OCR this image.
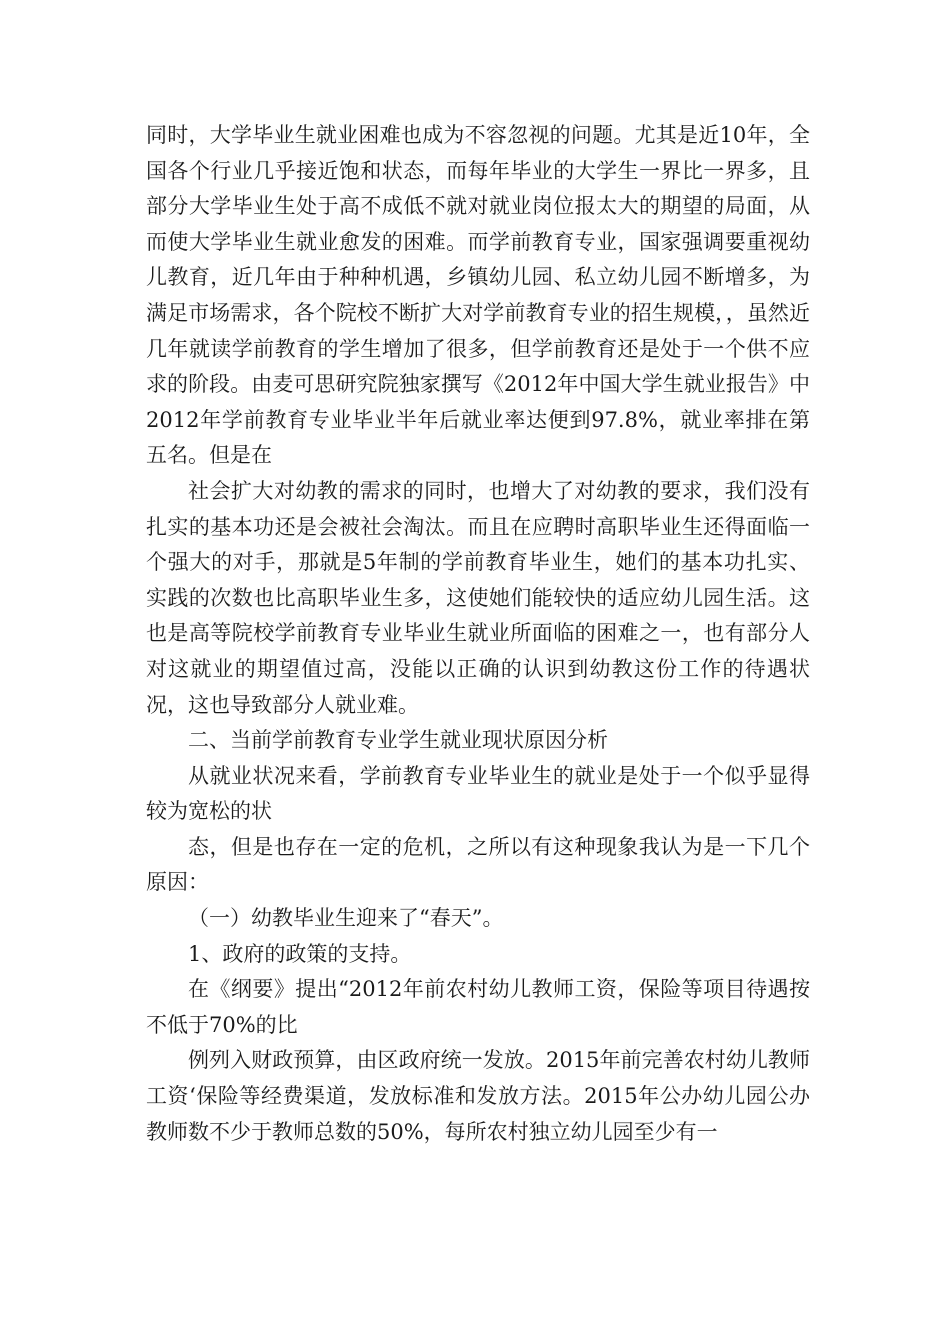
同时，大学毕业生就业困难也成为不容忽视的问题。尤其是近10年，全国各个行业几乎接近饱和状态，而每年毕业的大学生一界比一界多，且部分大学毕业生处于高不成低不就对就业岗位报太大的期望的局面，从而使大学毕业生就业愈发的困难。而学前教育专业，国家强调要重视幼儿教育，近几年由于种种机遇，乡镇幼儿园、私立幼儿园不断增多，为满足市场需求，各个院校不断扩大对学前教育专业的招生规模，，虽然近几年就读学前教育的学生增加了很多，但学前教育还是处于一个供不应求的阶段。由麦可思研究院独家撰写《2012年中国大学生就业报告》中2012年学前教育专业毕业半年后就业率达便到97.8%，就业率排在第五名。但是在

社会扩大对幼教的需求的同时，也增大了对幼教的要求，我们没有扎实的基本功还是会被社会淘汰。而且在应聘时高职毕业生还得面临一个强大的对手，那就是5年制的学前教育毕业生，她们的基本功扎实、实践的次数也比高职毕业生多，这使她们能较快的适应幼儿园生活。这也是高等院校学前教育专业毕业生就业所面临的困难之一，也有部分人对这就业的期望值过高，没能以正确的认识到幼教这份工作的待遇状况，这也导致部分人就业难。

二、当前学前教育专业学生就业现状原因分析

从就业状况来看，学前教育专业毕业生的就业是处于一个似乎显得较为宽松的状

态，但是也存在一定的危机，之所以有这种现象我认为是一下几个原因：

（一）幼教毕业生迎来了“春天”。

1、政府的政策的支持。

在《纲要》提出“2012年前农村幼儿教师工资，保险等项目待遇按不低于70%的比

例列入财政预算，由区政府统一发放。2015年前完善农村幼儿教师工资‘保险等经费渠道，发放标准和发放方法。2015年公办幼儿园公办教师数不少于教师总数的50%，每所农村独立幼儿园至少有一
